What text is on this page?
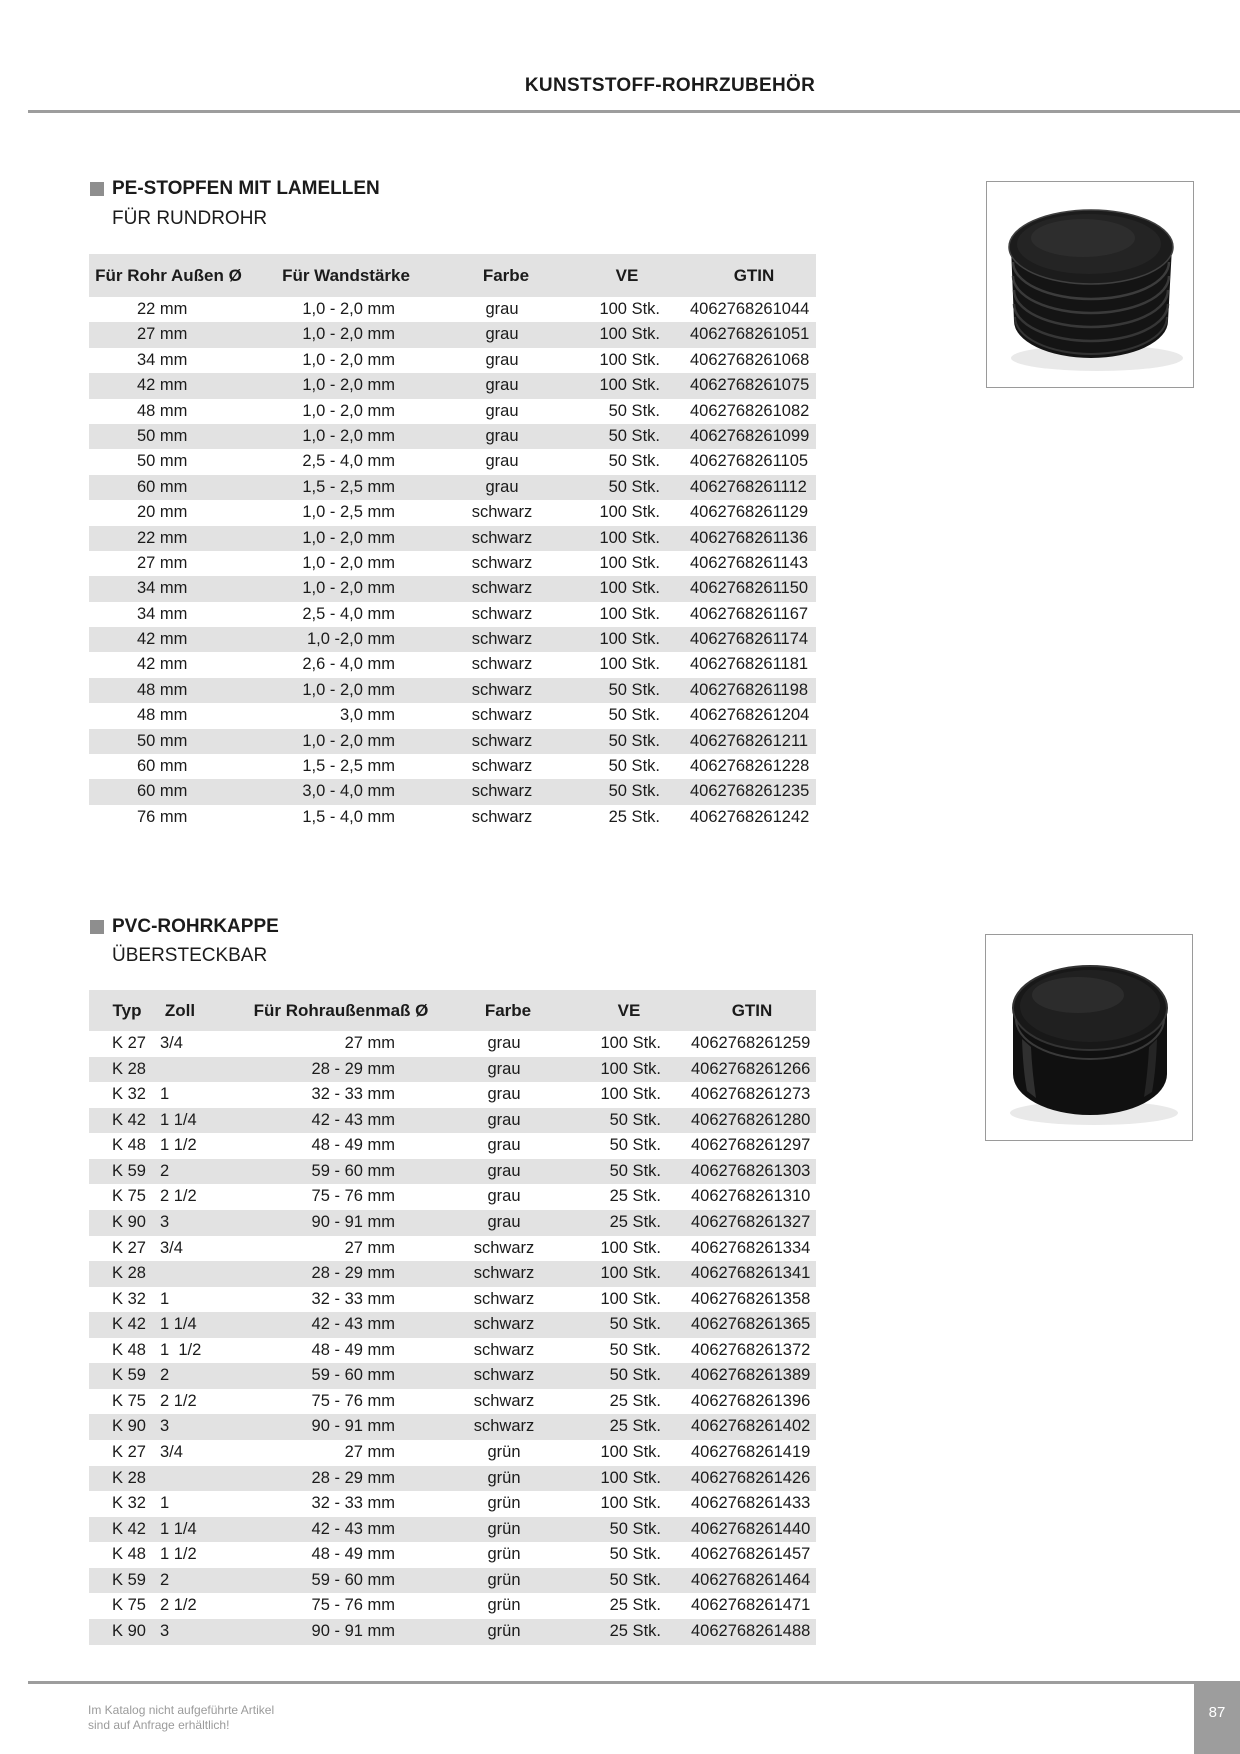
KUNSTSTOFF-ROHRZUBEHÖR
PE-STOPFEN MIT LAMELLEN
FÜR RUNDROHR
Für Rohr Außen Ø	Für Wandstärke	Farbe	VE	GTIN
22 mm	1,0 - 2,0 mm	grau	100 Stk. 4062768261044
27 mm	1,0 - 2,0 mm	grau	100 Stk. 4062768261051
34 mm	1,0 - 2,0 mm	grau	100 Stk. 4062768261068
42 mm	1,0 - 2,0 mm	grau	100 Stk. 4062768261075
48 mm	1,0 - 2,0 mm	grau	50 Stk. 4062768261082
50 mm	1,0 - 2,0 mm	grau	50 Stk. 4062768261099
50 mm	2,5 - 4,0 mm	grau	50 Stk. 4062768261105
60 mm	1,5 - 2,5 mm	grau	50 Stk. 4062768261112
20 mm	1,0 - 2,5 mm	schwarz	100 Stk. 4062768261129
22 mm	1,0 - 2,0 mm	schwarz	100 Stk. 4062768261136
27 mm	1,0 - 2,0 mm	schwarz	100 Stk. 4062768261143
34 mm	1,0 - 2,0 mm	schwarz	100 Stk. 4062768261150
34 mm	2,5 - 4,0 mm	schwarz	100 Stk. 4062768261167
42 mm	1,0 -2,0 mm	schwarz	100 Stk. 4062768261174
42 mm	2,6 - 4,0 mm	schwarz	100 Stk. 4062768261181
48 mm	1,0 - 2,0 mm	schwarz	50 Stk. 4062768261198
48 mm	3,0 mm	schwarz	50 Stk. 4062768261204
50 mm	1,0 - 2,0 mm	schwarz	50 Stk. 4062768261211
60 mm	1,5 - 2,5 mm	schwarz	50 Stk. 4062768261228
60 mm	3,0 - 4,0 mm	schwarz	50 Stk. 4062768261235
76 mm	1,5 - 4,0 mm	schwarz	25 Stk. 4062768261242
PVC-ROHRKAPPE
ÜBERSTECKBAR
Typ	Zoll	Für Rohraußenmaß Ø	Farbe	VE	GTIN
K 27 3/4	27 mm	grau	100 Stk. 4062768261259
K 28	28 - 29 mm	grau	100 Stk. 4062768261266
K 32 1	32 - 33 mm	grau	100 Stk. 4062768261273
K 42 1 1/4	42 - 43 mm	grau	50 Stk. 4062768261280
K 48 1 1/2	48 - 49 mm	grau	50 Stk. 4062768261297
K 59 2	59 - 60 mm	grau	50 Stk. 4062768261303
K 75 2 1/2	75 - 76 mm	grau	25 Stk. 4062768261310
K 90 3	90 - 91 mm	grau	25 Stk. 4062768261327
K 27 3/4	27 mm	schwarz	100 Stk. 4062768261334
K 28	28 - 29 mm	schwarz	100 Stk. 4062768261341
K 32 1	32 - 33 mm	schwarz	100 Stk. 4062768261358
K 42 1 1/4	42 - 43 mm	schwarz	50 Stk. 4062768261365
K 48 1  1/2	48 - 49 mm	schwarz	50 Stk. 4062768261372
K 59 2	59 - 60 mm	schwarz	50 Stk. 4062768261389
K 75 2 1/2	75 - 76 mm	schwarz	25 Stk. 4062768261396
K 90 3	90 - 91 mm	schwarz	25 Stk. 4062768261402
K 27 3/4	27 mm	grün	100 Stk. 4062768261419
K 28	28 - 29 mm	grün	100 Stk. 4062768261426
K 32 1	32 - 33 mm	grün	100 Stk. 4062768261433
K 42 1 1/4	42 - 43 mm	grün	50 Stk. 4062768261440
K 48 1 1/2	48 - 49 mm	grün	50 Stk. 4062768261457
K 59 2	59 - 60 mm	grün	50 Stk. 4062768261464
K 75 2 1/2	75 - 76 mm	grün	25 Stk. 4062768261471
K 90 3	90 - 91 mm	grün	25 Stk. 4062768261488
Im Katalog nicht aufgeführte Artikel
sind auf Anfrage erhältlich!
87
